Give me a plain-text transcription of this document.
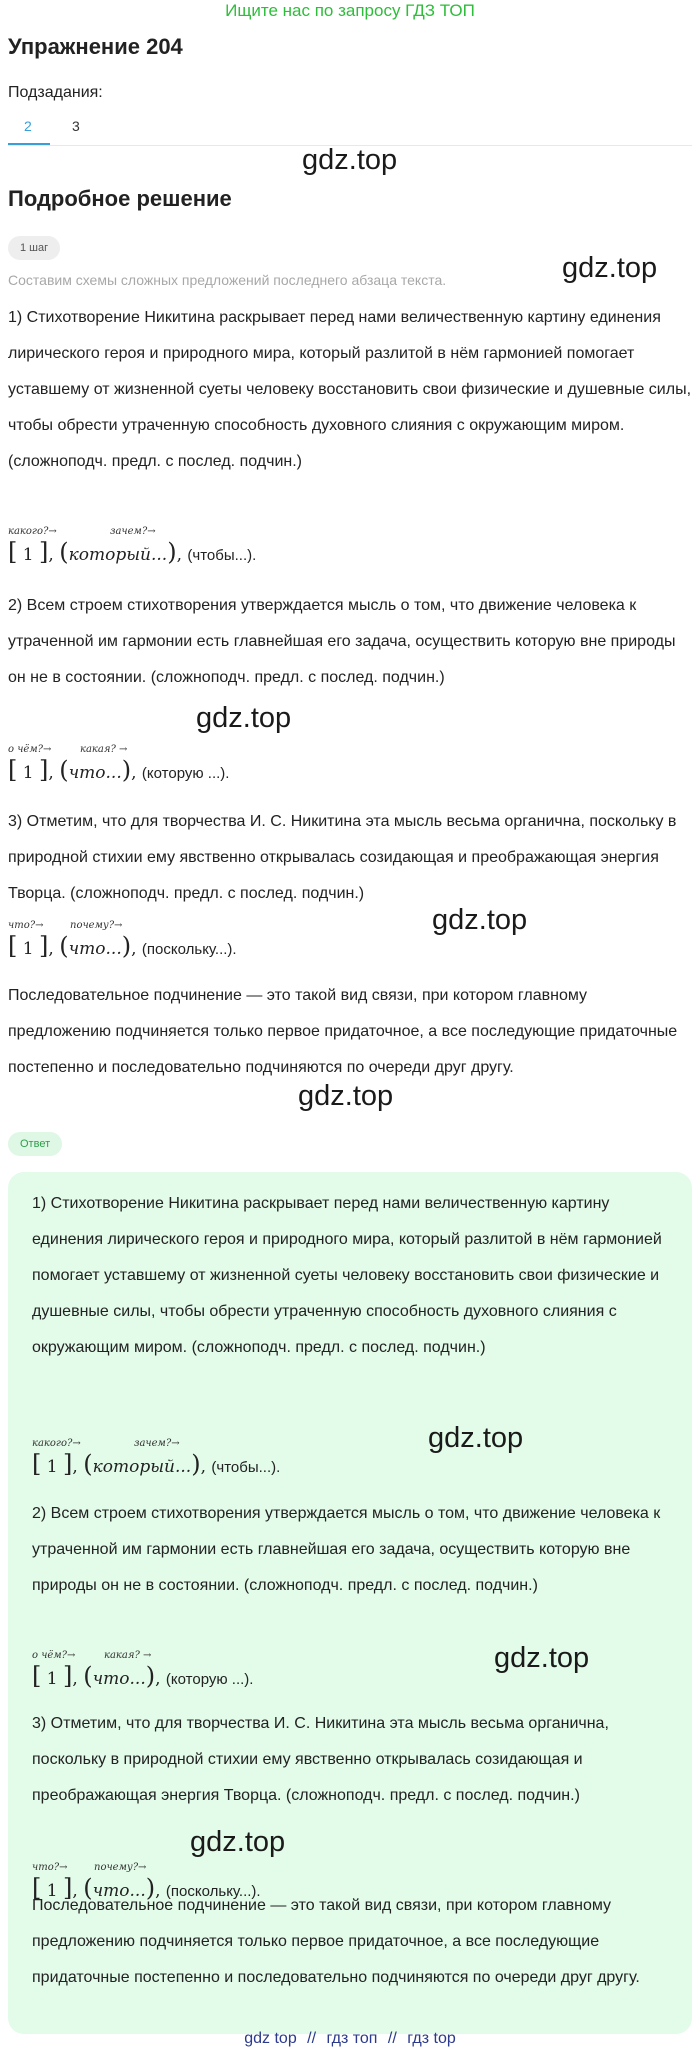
Ищите нас по запросу ГДЗ ТОП
Упражнение 204
Подзадания:
2	3
gdz.top
Подробное решение
1 шаг
gdz.top
Составим схемы сложных предложений последнего абзаца текста.
1) Стихотворение Никитина раскрывает перед нами величественную картину единения лирического героя и природного мира, который разлитой в нём гармонией помогает уставшему от жизненной суеты человеку восстановить свои физические и душевные силы, чтобы обрести утраченную способность духовного слияния с окружающим миром. (сложноподч. предл. с послед. подчин.)
какого?→	зачем?→
[ 1 ], (который...), (чтобы...).
2) Всем строем стихотворения утверждается мысль о том, что движение человека к утраченной им гармонии есть главнейшая его задача, осуществить которую вне природы он не в состоянии. (сложноподч. предл. с послед. подчин.)
gdz.top
о чём?→	какая? →
[ 1 ], (что...), (которую ...).
3) Отметим, что для творчества И. С. Никитина эта мысль весьма органична, поскольку в природной стихии ему явственно открывалась созидающая и преображающая энергия Творца. (сложноподч. предл. с послед. подчин.)
gdz.top
что?→	почему?→
[ 1 ], (что...), (поскольку...).
Последовательное подчинение — это такой вид связи, при котором главному предложению подчиняется только первое придаточное, а все последующие придаточные постепенно и последовательно подчиняются по очереди друг другу.
gdz.top
Ответ
1) Стихотворение Никитина раскрывает перед нами величественную картину единения лирического героя и природного мира, который разлитой в нём гармонией помогает уставшему от жизненной суеты человеку восстановить свои физические и душевные силы, чтобы обрести утраченную способность духовного слияния с окружающим миром. (сложноподч. предл. с послед. подчин.)
gdz.top
какого?→	зачем?→
[ 1 ], (который...), (чтобы...).
2) Всем строем стихотворения утверждается мысль о том, что движение человека к утраченной им гармонии есть главнейшая его задача, осуществить которую вне природы он не в состоянии. (сложноподч. предл. с послед. подчин.)
gdz.top
о чём?→	какая? →
[ 1 ], (что...), (которую ...).
3) Отметим, что для творчества И. С. Никитина эта мысль весьма органична, поскольку в природной стихии ему явственно открывалась созидающая и преображающая энергия Творца. (сложноподч. предл. с послед. подчин.)
gdz.top
что?→	почему?→
[ 1 ], (что...), (поскольку...).
Последовательное подчинение — это такой вид связи, при котором главному предложению подчиняется только первое придаточное, а все последующие придаточные постепенно и последовательно подчиняются по очереди друг другу.
gdz top // гдз топ // гдз top
